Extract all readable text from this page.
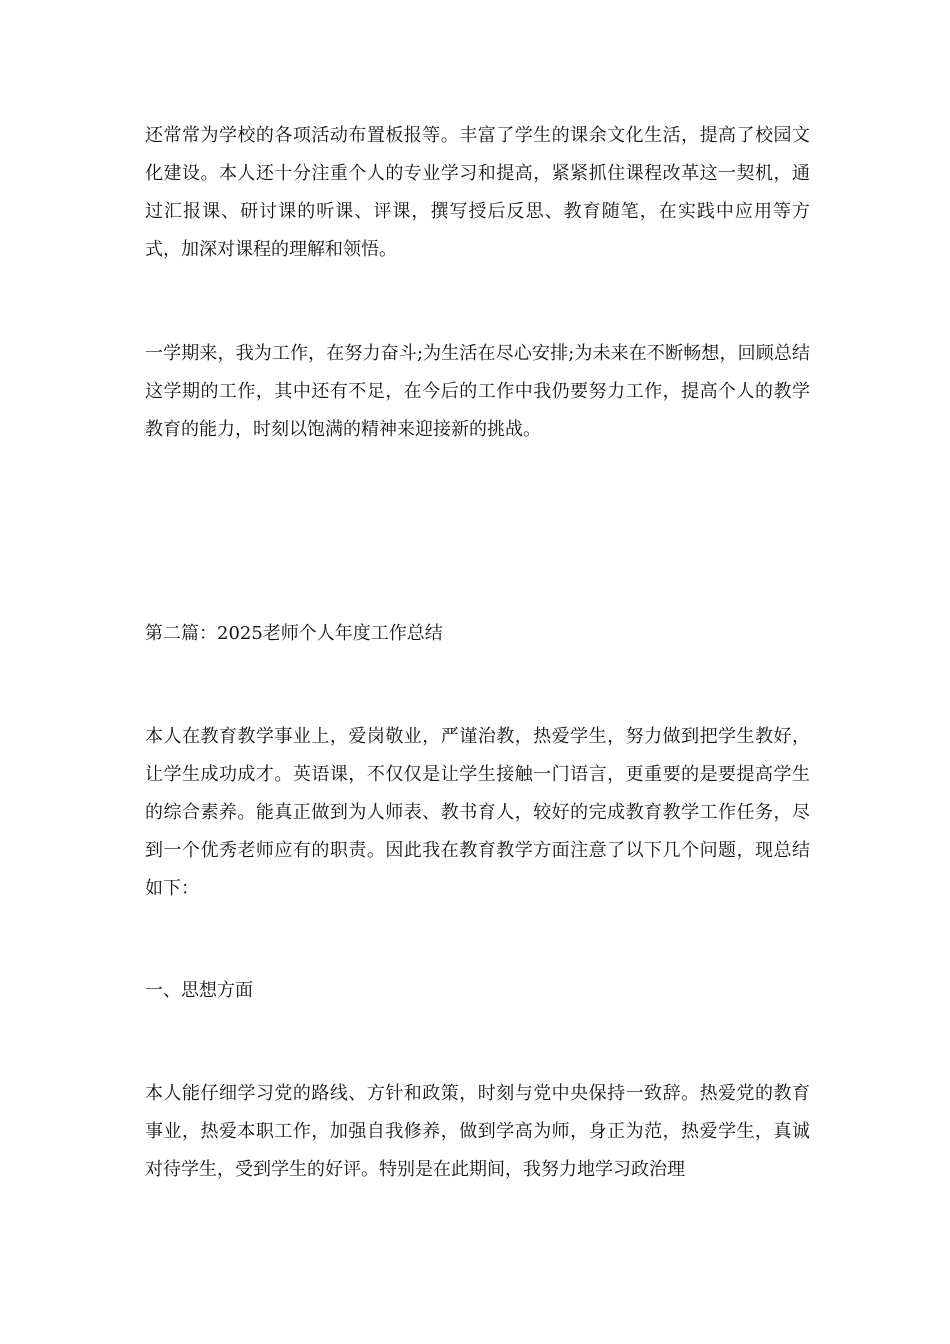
还常常为学校的各项活动布置板报等。丰富了学生的课余文化生活，提高了校园文化建设。本人还十分注重个人的专业学习和提高，紧紧抓住课程改革这一契机，通过汇报课、研讨课的听课、评课，撰写授后反思、教育随笔，在实践中应用等方式，加深对课程的理解和领悟。

一学期来，我为工作，在努力奋斗;为生活在尽心安排;为未来在不断畅想，回顾总结这学期的工作，其中还有不足，在今后的工作中我仍要努力工作，提高个人的教学教育的能力，时刻以饱满的精神来迎接新的挑战。

第二篇：2025老师个人年度工作总结

本人在教育教学事业上，爱岗敬业，严谨治教，热爱学生，努力做到把学生教好，让学生成功成才。英语课，不仅仅是让学生接触一门语言，更重要的是要提高学生的综合素养。能真正做到为人师表、教书育人，较好的完成教育教学工作任务，尽到一个优秀老师应有的职责。因此我在教育教学方面注意了以下几个问题，现总结如下：

一、思想方面

本人能仔细学习党的路线、方针和政策，时刻与党中央保持一致辞。热爱党的教育事业，热爱本职工作，加强自我修养，做到学高为师，身正为范，热爱学生，真诚对待学生，受到学生的好评。特别是在此期间，我努力地学习政治理
